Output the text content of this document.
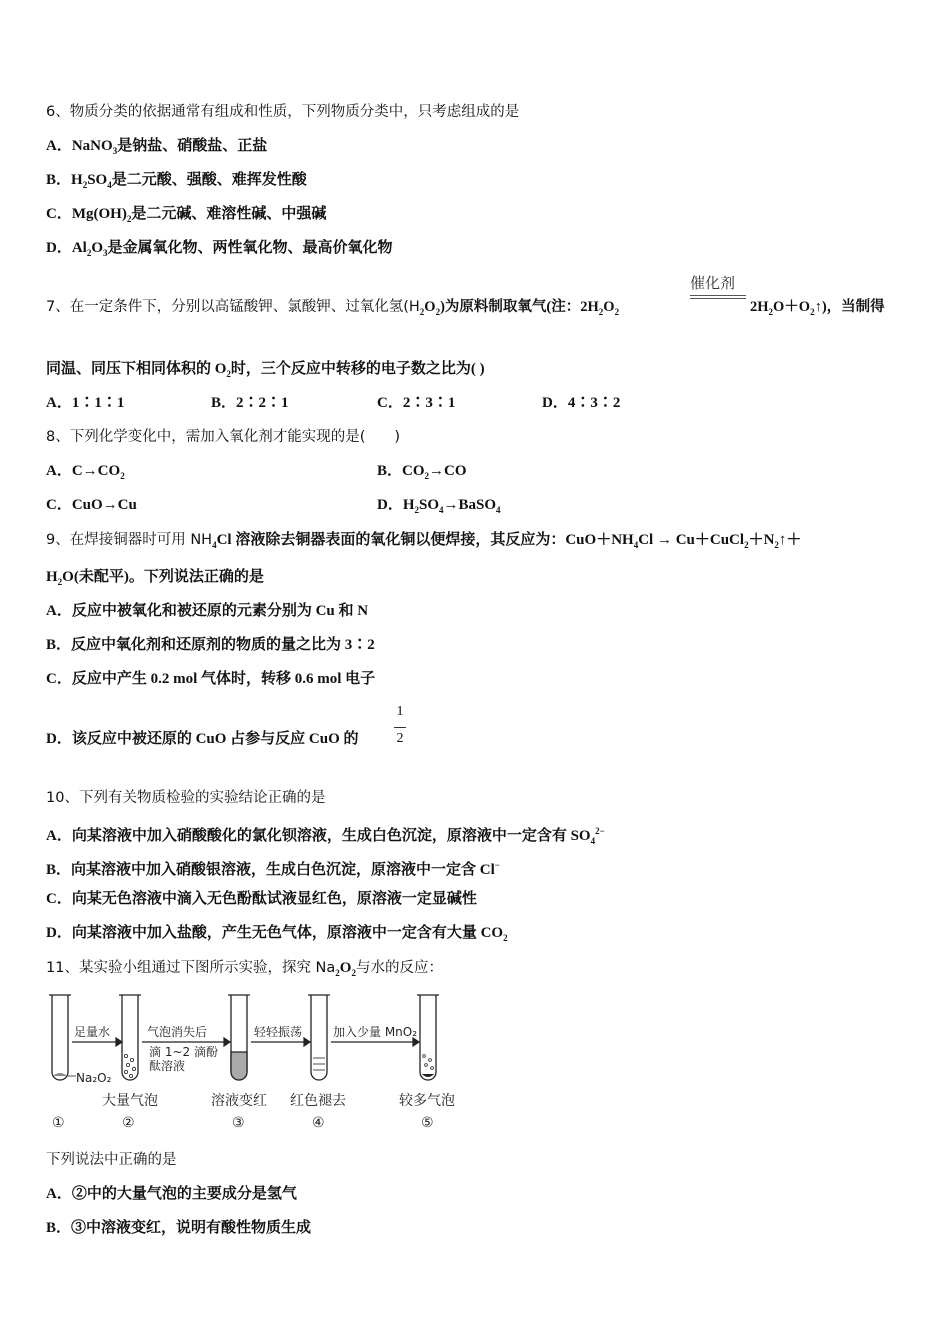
6、物质分类的依据通常有组成和性质，下列物质分类中，只考虑组成的是
A．NaNO$_3$是钠盐、硝酸盐、正盐
B．$H_2SO_4$是二元酸、强酸、难挥发性酸
C．$Mg(OH)_2$是二元碱、难溶性碱、中强碱
D．$Al_2O_3$是金属氧化物、两性氧化物、最高价氧化物
催化剂
7、在一定条件下，分别以高锰酸钾、氯酸钾、过氧化氢$(H_2O_2)$为原料制取氧气(注：$2H_2O_2$	$2H_2O+O_2↑$)，当制得
同温、同压下相同体积的 $O_2$时，三个反应中转移的电子数之比为( )
A．1∶1∶1	B．2∶2∶1	C．2∶3∶1	D．4∶3∶2
8、下列化学变化中，需加入氧化剂才能实现的是(　　)
A．$C\to CO_2$	B．$CO_2\to CO$
C．CuO→Cu	D．$H_2SO_4\to BaSO_4$
9、在焊接铜器时可用 $NH_4Cl$ 溶液除去铜器表面的氧化铜以便焊接，其反应为：$CuO+NH_4Cl$ → $Cu+CuCl_2+N_2↑+$
$H_2O$(未配平)。下列说法正确的是
A．反应中被氧化和被还原的元素分别为 Cu 和 N
B．反应中氧化剂和还原剂的物质的量之比为 3∶2
C．反应中产生 0.2 mol 气体时，转移 0.6 mol 电子
D．该反应中被还原的 CuO 占参与反应 CuO 的
1
2
10、下列有关物质检验的实验结论正确的是
A．向某溶液中加入硝酸酸化的氯化钡溶液，生成白色沉淀，原溶液中一定含有 $SO_4^{2-}$
B．向某溶液中加入硝酸银溶液，生成白色沉淀，原溶液中一定含 Cl−
C．向某无色溶液中滴入无色酚酞试液显红色，原溶液一定显碱性
D．向某溶液中加入盐酸，产生无色气体，原溶液中一定含有大量 $CO_2$
11、某实验小组通过下图所示实验，探究 $Na_2O_2$与水的反应：
足量水	气泡消失后
滴 1~2 滴酚
酞溶液
轻轻振荡	加入少量 MnO₂
Na₂O₂
大量气泡	溶液变红 红色褪去	较多气泡
①	②	③	④	⑤
下列说法中正确的是
A．②中的大量气泡的主要成分是氢气
B．③中溶液变红，说明有酸性物质生成
